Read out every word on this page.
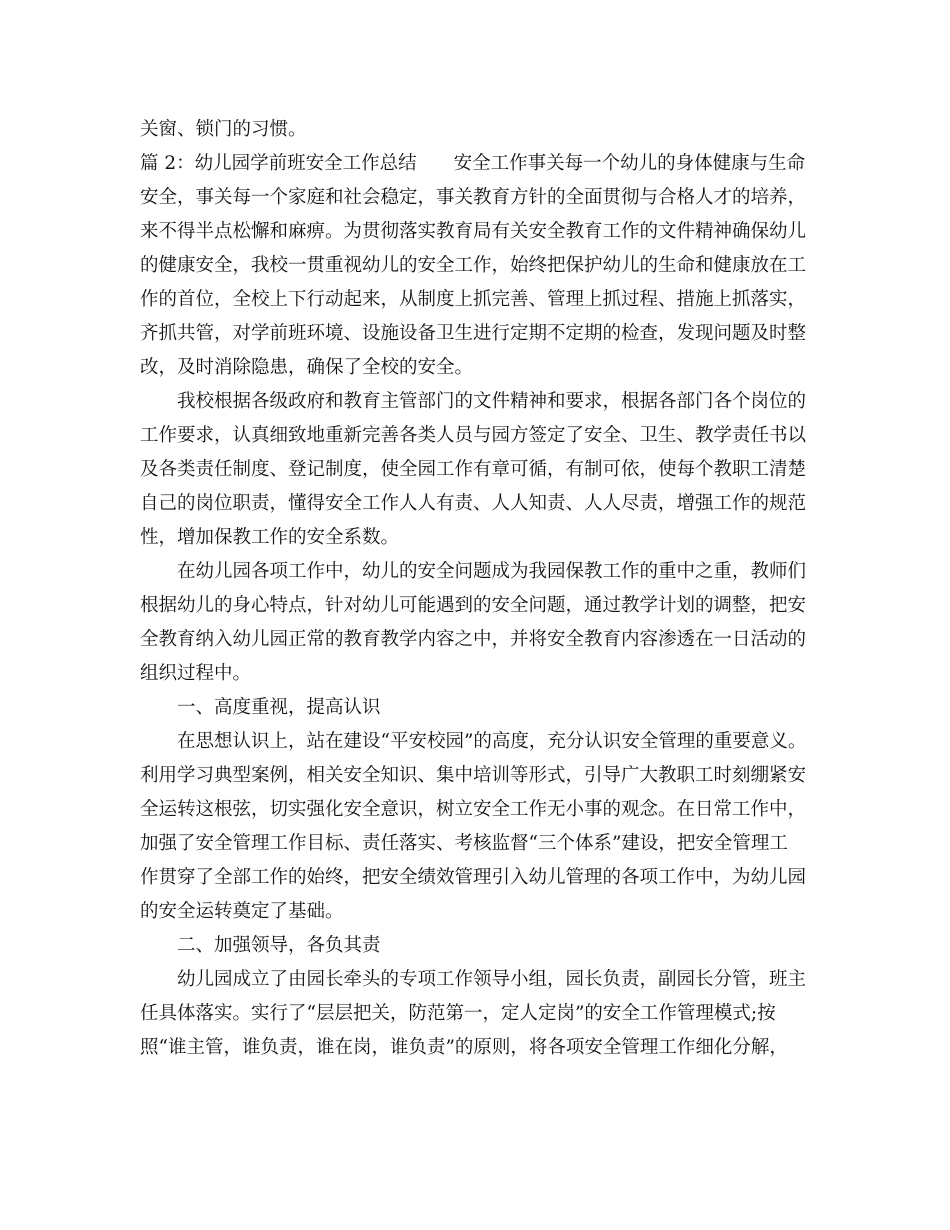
关窗、锁门的习惯。
篇 2：幼儿园学前班安全工作总结　　安全工作事关每一个幼儿的身体健康与生命
安全，事关每一个家庭和社会稳定，事关教育方针的全面贯彻与合格人才的培养，
来不得半点松懈和麻痹。为贯彻落实教育局有关安全教育工作的文件精神确保幼儿
的健康安全，我校一贯重视幼儿的安全工作，始终把保护幼儿的生命和健康放在工
作的首位，全校上下行动起来，从制度上抓完善、管理上抓过程、措施上抓落实，
齐抓共管，对学前班环境、设施设备卫生进行定期不定期的检查，发现问题及时整
改，及时消除隐患，确保了全校的安全。
　　我校根据各级政府和教育主管部门的文件精神和要求，根据各部门各个岗位的
工作要求，认真细致地重新完善各类人员与园方签定了安全、卫生、教学责任书以
及各类责任制度、登记制度，使全园工作有章可循，有制可依，使每个教职工清楚
自己的岗位职责，懂得安全工作人人有责、人人知责、人人尽责，增强工作的规范
性，增加保教工作的安全系数。
　　在幼儿园各项工作中，幼儿的安全问题成为我园保教工作的重中之重，教师们
根据幼儿的身心特点，针对幼儿可能遇到的安全问题，通过教学计划的调整，把安
全教育纳入幼儿园正常的教育教学内容之中，并将安全教育内容渗透在一日活动的
组织过程中。
　　一、高度重视，提高认识
　　在思想认识上，站在建设“平安校园”的高度，充分认识安全管理的重要意义。
利用学习典型案例，相关安全知识、集中培训等形式，引导广大教职工时刻绷紧安
全运转这根弦，切实强化安全意识，树立安全工作无小事的观念。在日常工作中，
加强了安全管理工作目标、责任落实、考核监督“三个体系”建设，把安全管理工
作贯穿了全部工作的始终，把安全绩效管理引入幼儿管理的各项工作中，为幼儿园
的安全运转奠定了基础。
　　二、加强领导，各负其责
　　幼儿园成立了由园长牵头的专项工作领导小组，园长负责，副园长分管，班主
任具体落实。实行了“层层把关，防范第一，定人定岗”的安全工作管理模式;按
照“谁主管，谁负责，谁在岗，谁负责”的原则，将各项安全管理工作细化分解，
